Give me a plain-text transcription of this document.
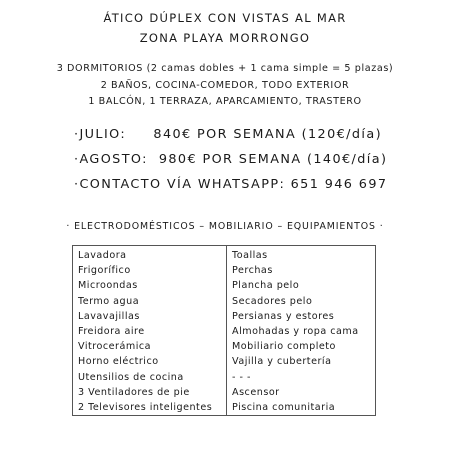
ÁTICO DÚPLEX CON VISTAS AL MAR
ZONA PLAYA MORRONGO
3 DORMITORIOS (2 camas dobles + 1 cama simple = 5 plazas)
2 BAÑOS, COCINA-COMEDOR, TODO EXTERIOR
1 BALCÓN, 1 TERRAZA, APARCAMIENTO, TRASTERO
·JULIO:     840€ POR SEMANA (120€/día)
·AGOSTO:  980€ POR SEMANA (140€/día)
·CONTACTO VÍA WHATSAPP: 651 946 697
· ELECTRODOMÉSTICOS – MOBILIARIO – EQUIPAMIENTOS ·
Lavadora	Toallas
Frigorífico	Perchas
Microondas	Plancha pelo
Termo agua	Secadores pelo
Lavavajillas	Persianas y estores
Freidora aire	Almohadas y ropa cama
Vitrocerámica	Mobiliario completo
Horno eléctrico	Vajilla y cubertería
Utensilios de cocina	- - -
3 Ventiladores de pie	Ascensor
2 Televisores inteligentes	Piscina comunitaria
